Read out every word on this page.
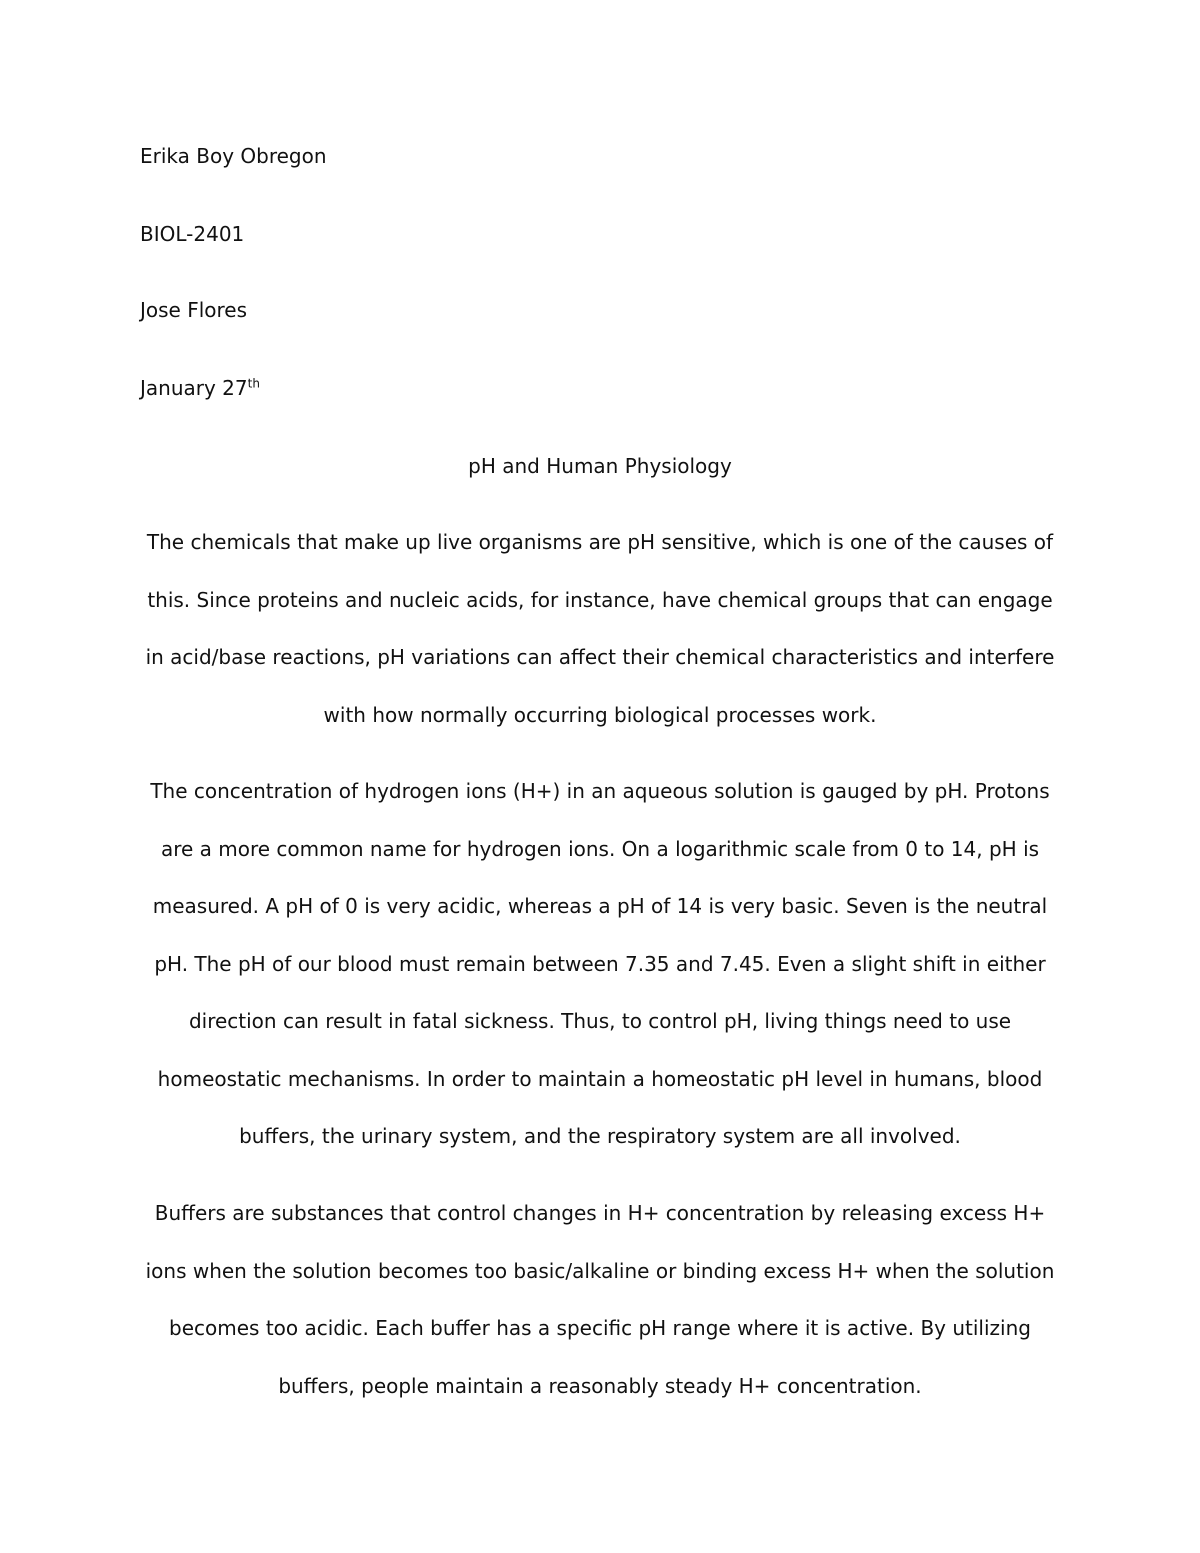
Erika Boy Obregon
BIOL-2401
Jose Flores
January 27th
pH and Human Physiology

The chemicals that make up live organisms are pH sensitive, which is one of the causes of this. Since proteins and nucleic acids, for instance, have chemical groups that can engage in acid/base reactions, pH variations can affect their chemical characteristics and interfere with how normally occurring biological processes work.

The concentration of hydrogen ions (H+) in an aqueous solution is gauged by pH. Protons are a more common name for hydrogen ions. On a logarithmic scale from 0 to 14, pH is measured. A pH of 0 is very acidic, whereas a pH of 14 is very basic. Seven is the neutral pH. The pH of our blood must remain between 7.35 and 7.45. Even a slight shift in either direction can result in fatal sickness. Thus, to control pH, living things need to use homeostatic mechanisms. In order to maintain a homeostatic pH level in humans, blood buffers, the urinary system, and the respiratory system are all involved.

Buffers are substances that control changes in H+ concentration by releasing excess H+ ions when the solution becomes too basic/alkaline or binding excess H+ when the solution becomes too acidic. Each buffer has a specific pH range where it is active. By utilizing buffers, people maintain a reasonably steady H+ concentration.
